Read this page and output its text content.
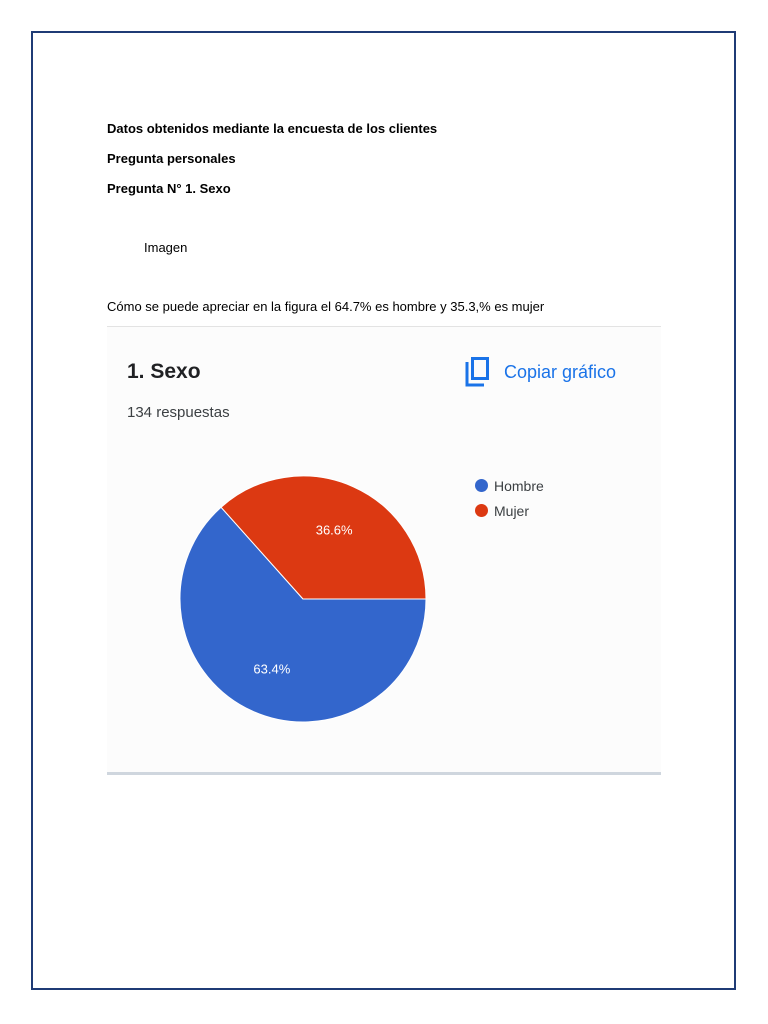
Datos obtenidos mediante la encuesta de los clientes
Pregunta personales
Pregunta N° 1. Sexo
Imagen
Cómo se puede apreciar en la figura el 64.7% es hombre y 35.3,% es mujer
1. Sexo
134 respuestas
Copiar gráfico
63.4%
36.6%
Hombre
Mujer
